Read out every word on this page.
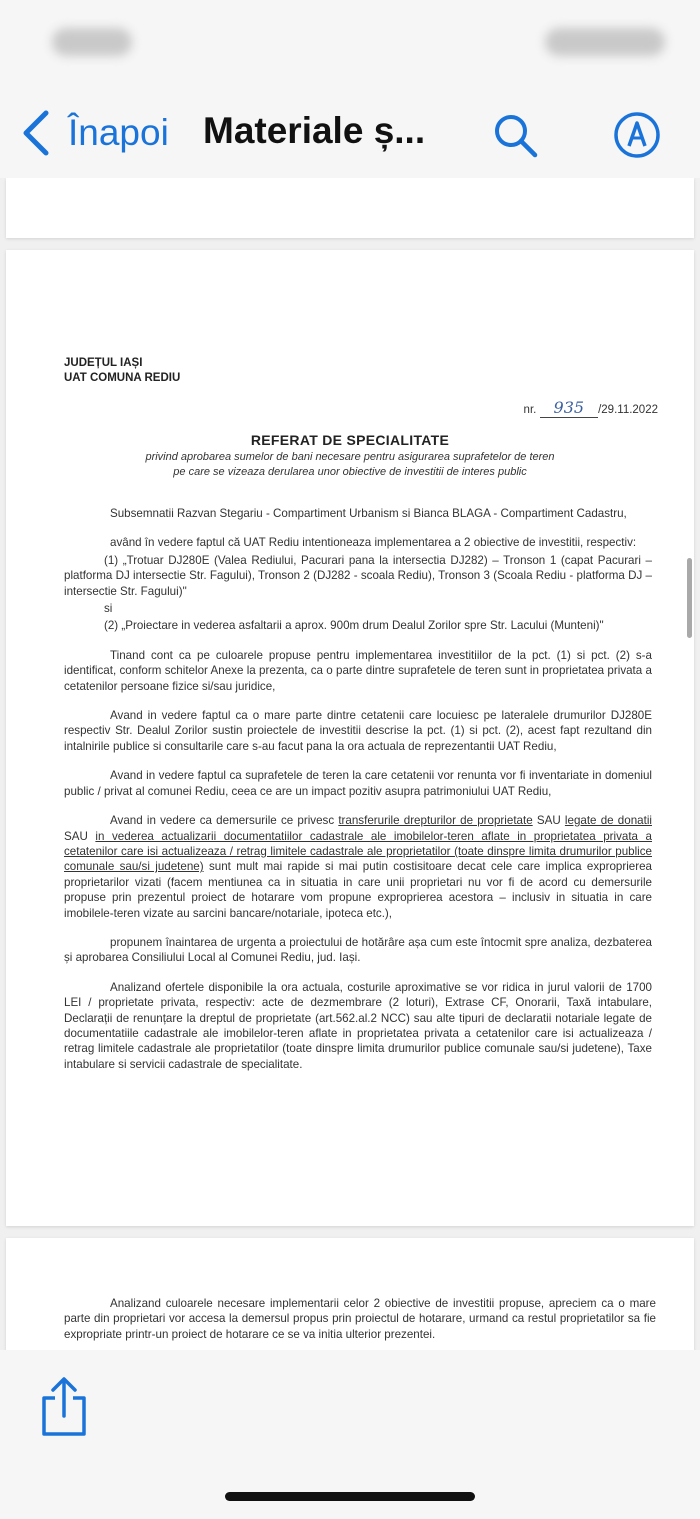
Înapoi Materiale ș...
JUDEȚUL IAȘI
UAT COMUNA REDIU
nr. 935 /29.11.2022
REFERAT DE SPECIALITATE
privind aprobarea sumelor de bani necesare pentru asigurarea suprafetelor de teren
pe care se vizeaza derularea unor obiective de investitii de interes public

Subsemnatii Razvan Stegariu - Compartiment Urbanism si Bianca BLAGA - Compartiment Cadastru,

având în vedere faptul că UAT Rediu intentioneaza implementarea a 2 obiective de investitii, respectiv:

(1) „Trotuar DJ280E (Valea Rediului, Pacurari pana la intersectia DJ282) – Tronson 1 (capat Pacurari – platforma DJ intersectie Str. Fagului), Tronson 2 (DJ282 - scoala Rediu), Tronson 3 (Scoala Rediu - platforma DJ – intersectie Str. Fagului)"
si

(2) „Proiectare in vederea asfaltarii a aprox. 900m drum Dealul Zorilor spre Str. Lacului (Munteni)"

Tinand cont ca pe culoarele propuse pentru implementarea investitiilor de la pct. (1) si pct. (2) s-a identificat, conform schitelor Anexe la prezenta, ca o parte dintre suprafetele de teren sunt in proprietatea privata a cetatenilor persoane fizice si/sau juridice,

Avand in vedere faptul ca o mare parte dintre cetatenii care locuiesc pe lateralele drumurilor DJ280E respectiv Str. Dealul Zorilor sustin proiectele de investitii descrise la pct. (1) si pct. (2), acest fapt rezultand din intalnirile publice si consultarile care s-au facut pana la ora actuala de reprezentantii UAT Rediu,

Avand in vedere faptul ca suprafetele de teren la care cetatenii vor renunta vor fi inventariate in domeniul public / privat al comunei Rediu, ceea ce are un impact pozitiv asupra patrimoniului UAT Rediu,

Avand in vedere ca demersurile ce privesc transferurile drepturilor de proprietate SAU legate de donatii SAU in vederea actualizarii documentatiilor cadastrale ale imobilelor-teren aflate in proprietatea privata a cetatenilor care isi actualizeaza / retrag limitele cadastrale ale proprietatilor (toate dinspre limita drumurilor publice comunale sau/si judetene) sunt mult mai rapide si mai putin costisitoare decat cele care implica exproprierea proprietarilor vizati (facem mentiunea ca in situatia in care unii proprietari nu vor fi de acord cu demersurile propuse prin prezentul proiect de hotarare vom propune exproprierea acestora – inclusiv in situatia in care imobilele-teren vizate au sarcini bancare/notariale, ipoteca etc.),

propunem înaintarea de urgenta a proiectului de hotărâre așa cum este întocmit spre analiza, dezbaterea și aprobarea Consiliului Local al Comunei Rediu, jud. Iași.

Analizand ofertele disponibile la ora actuala, costurile aproximative se vor ridica in jurul valorii de 1700 LEI / proprietate privata, respectiv: acte de dezmembrare (2 loturi), Extrase CF, Onorarii, Taxă intabulare, Declarații de renunțare la dreptul de proprietate (art.562.al.2 NCC) sau alte tipuri de declaratii notariale legate de documentatiile cadastrale ale imobilelor-teren aflate in proprietatea privata a cetatenilor care isi actualizeaza / retrag limitele cadastrale ale proprietatilor (toate dinspre limita drumurilor publice comunale sau/si judetene), Taxe intabulare si servicii cadastrale de specialitate.

Analizand culoarele necesare implementarii celor 2 obiective de investitii propuse, apreciem ca o mare parte din proprietari vor accesa la demersul propus prin proiectul de hotarare, urmand ca restul proprietatilor sa fie expropriate printr-un proiect de hotarare ce se va initia ulterior prezentei.
